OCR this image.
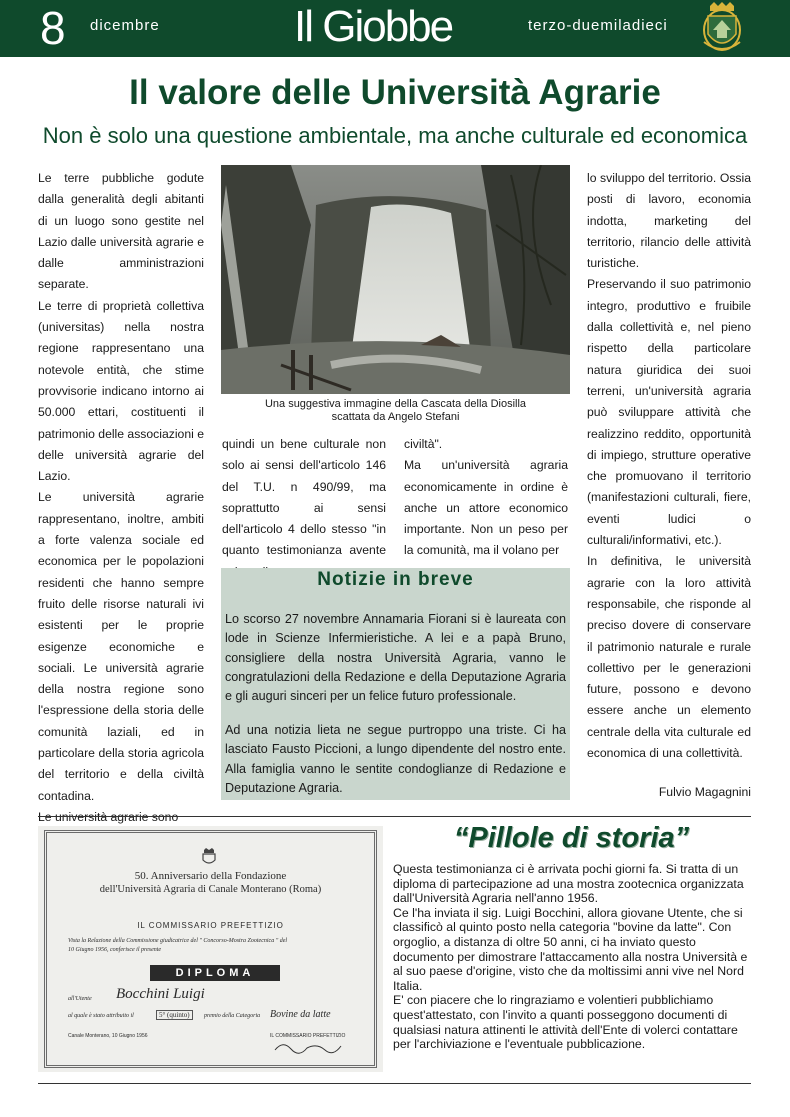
8 dicembre	Il Giobbe	terzo-duemiladieci
Il valore delle Università Agrarie
Non è solo una questione ambientale, ma anche culturale ed economica

Le terre pubbliche godute dalla generalità degli abitanti di un luogo sono gestite nel Lazio dalle università agrarie e dalle amministrazioni separate.

Le terre di proprietà collettiva (universitas) nella nostra regione rappresentano una notevole entità, che stime provvisorie indicano intorno ai 50.000 ettari, costituenti il patrimonio delle associazioni e delle università agrarie del Lazio.

Le università agrarie rappresentano, inoltre, ambiti a forte valenza sociale ed economica per le popolazioni residenti che hanno sempre fruito delle risorse naturali ivi esistenti per le proprie esigenze economiche e sociali. Le università agrarie della nostra regione sono l'espressione della storia delle comunità laziali, ed in particolare della storia agricola del territorio e della civiltà contadina.

Una suggestiva immagine della Cascata della Diosilla
scattata da Angelo Stefani

quindi un bene culturale non solo ai sensi dell'articolo 146 del T.U. n 490/99, ma soprattutto ai sensi dell'articolo 4 dello stesso "in quanto testimonianza avente

civiltà".

Ma un'università agraria economicamente in ordine è anche un attore economico importante. Non un peso per la comunità, ma il volano per

Notizie in breve
Lo scorso 27 novembre Annamaria Fiorani si è laureata con lode in Scienze Infermieristiche. A lei e a papà Bruno, consigliere della nostra Università Agraria, vanno le congratulazioni della Redazione e della Deputazione Agraria e gli auguri sinceri per un felice futuro professionale.
Ad una notizia lieta ne segue purtroppo una triste. Ci ha lasciato Fausto Piccioni, a lungo dipendente del nostro ente. Alla famiglia vanno le sentite condoglianze di Redazione e Deputazione Agraria.

lo sviluppo del territorio. Ossia posti di lavoro, economia indotta, marketing del territorio, rilancio delle attività turistiche.

Preservando il suo patrimonio integro, produttivo e fruibile dalla collettività e, nel pieno rispetto della particolare natura giuridica dei suoi terreni, un'università agraria può sviluppare attività che realizzino reddito, opportunità di impiego, strutture operative che promuovano il territorio (manifestazioni culturali, fiere, eventi ludici o culturali/informativi, etc.).

In definitiva, le università agrarie con la loro attività responsabile, che risponde al preciso dovere di conservare il patrimonio naturale e rurale collettivo per le generazioni future, possono e devono essere anche un elemento centrale della vita culturale ed economica di una collettività.

Fulvio Magagnini
50. Anniversario della Fondazione
dell'Università Agraria di Canale Monterano (Roma)
IL COMMISSARIO PREFETTIZIO
Vista la Relazione della Commissione giudicatrice del " Concorso-Mostra Zootecnica " del
10 Giugno 1956, conferisce il presente
DIPLOMA
all'Utente Bocchini Luigi
al quale è stato attribuito il	5° (quinto)	premio della Categoria Bovine da latte
Canale Monterano, 10 Giugno 1956	IL COMMISSARIO PREFETTIZIO
“Pillole di storia”

Questa testimonianza ci è arrivata pochi giorni fa. Si tratta di un diploma di partecipazione ad una mostra zootecnica organizzata dall'Università Agraria nell'anno 1956.

Ce l'ha inviata il sig. Luigi Bocchini, allora giovane Utente, che si classificò al quinto posto nella categoria "bovine da latte". Con orgoglio, a distanza di oltre 50 anni, ci ha inviato questo documento per dimostrare l'attaccamento alla nostra Università e al suo paese d'origine, visto che da moltissimi anni vive nel Nord Italia.

E' con piacere che lo ringraziamo e volentieri pubblichiamo quest'attestato, con l'invito a quanti posseggono documenti di qualsiasi natura attinenti le attività dell'Ente di volerci contattare per l'archiviazione e l'eventuale pubblicazione.
